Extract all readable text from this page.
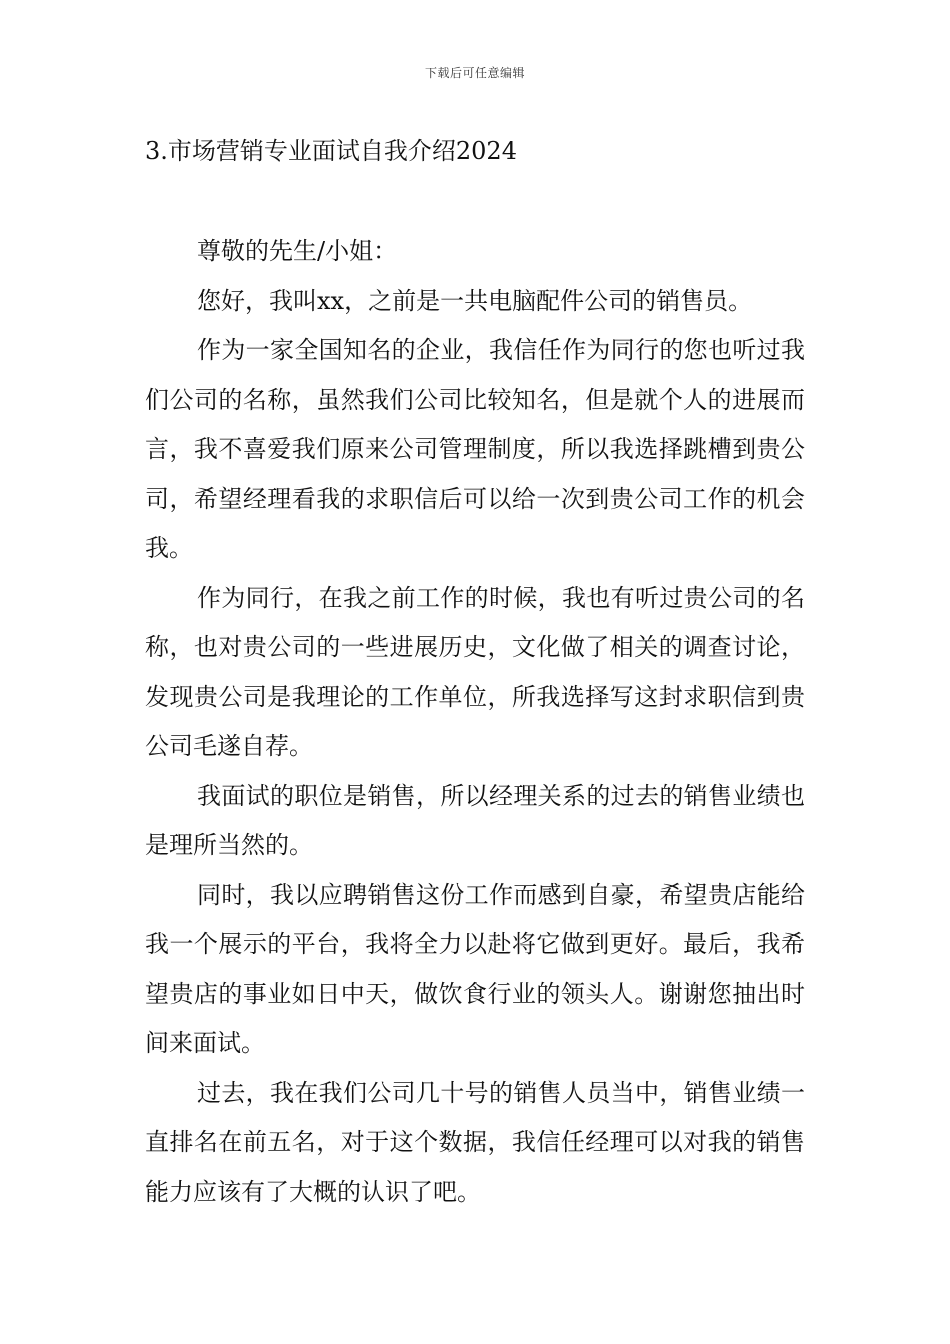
下载后可任意编辑
3.市场营销专业面试自我介绍2024

尊敬的先生/小姐：

您好，我叫xx，之前是一共电脑配件公司的销售员。

作为一家全国知名的企业，我信任作为同行的您也听过我们公司的名称，虽然我们公司比较知名，但是就个人的进展而言，我不喜爱我们原来公司管理制度，所以我选择跳槽到贵公司，希望经理看我的求职信后可以给一次到贵公司工作的机会我。

作为同行，在我之前工作的时候，我也有听过贵公司的名称，也对贵公司的一些进展历史，文化做了相关的调查讨论，发现贵公司是我理论的工作单位，所我选择写这封求职信到贵公司毛遂自荐。

我面试的职位是销售，所以经理关系的过去的销售业绩也是理所当然的。

同时，我以应聘销售这份工作而感到自豪，希望贵店能给我一个展示的平台，我将全力以赴将它做到更好。最后，我希望贵店的事业如日中天，做饮食行业的领头人。谢谢您抽出时间来面试。

过去，我在我们公司几十号的销售人员当中，销售业绩一直排名在前五名，对于这个数据，我信任经理可以对我的销售能力应该有了大概的认识了吧。
